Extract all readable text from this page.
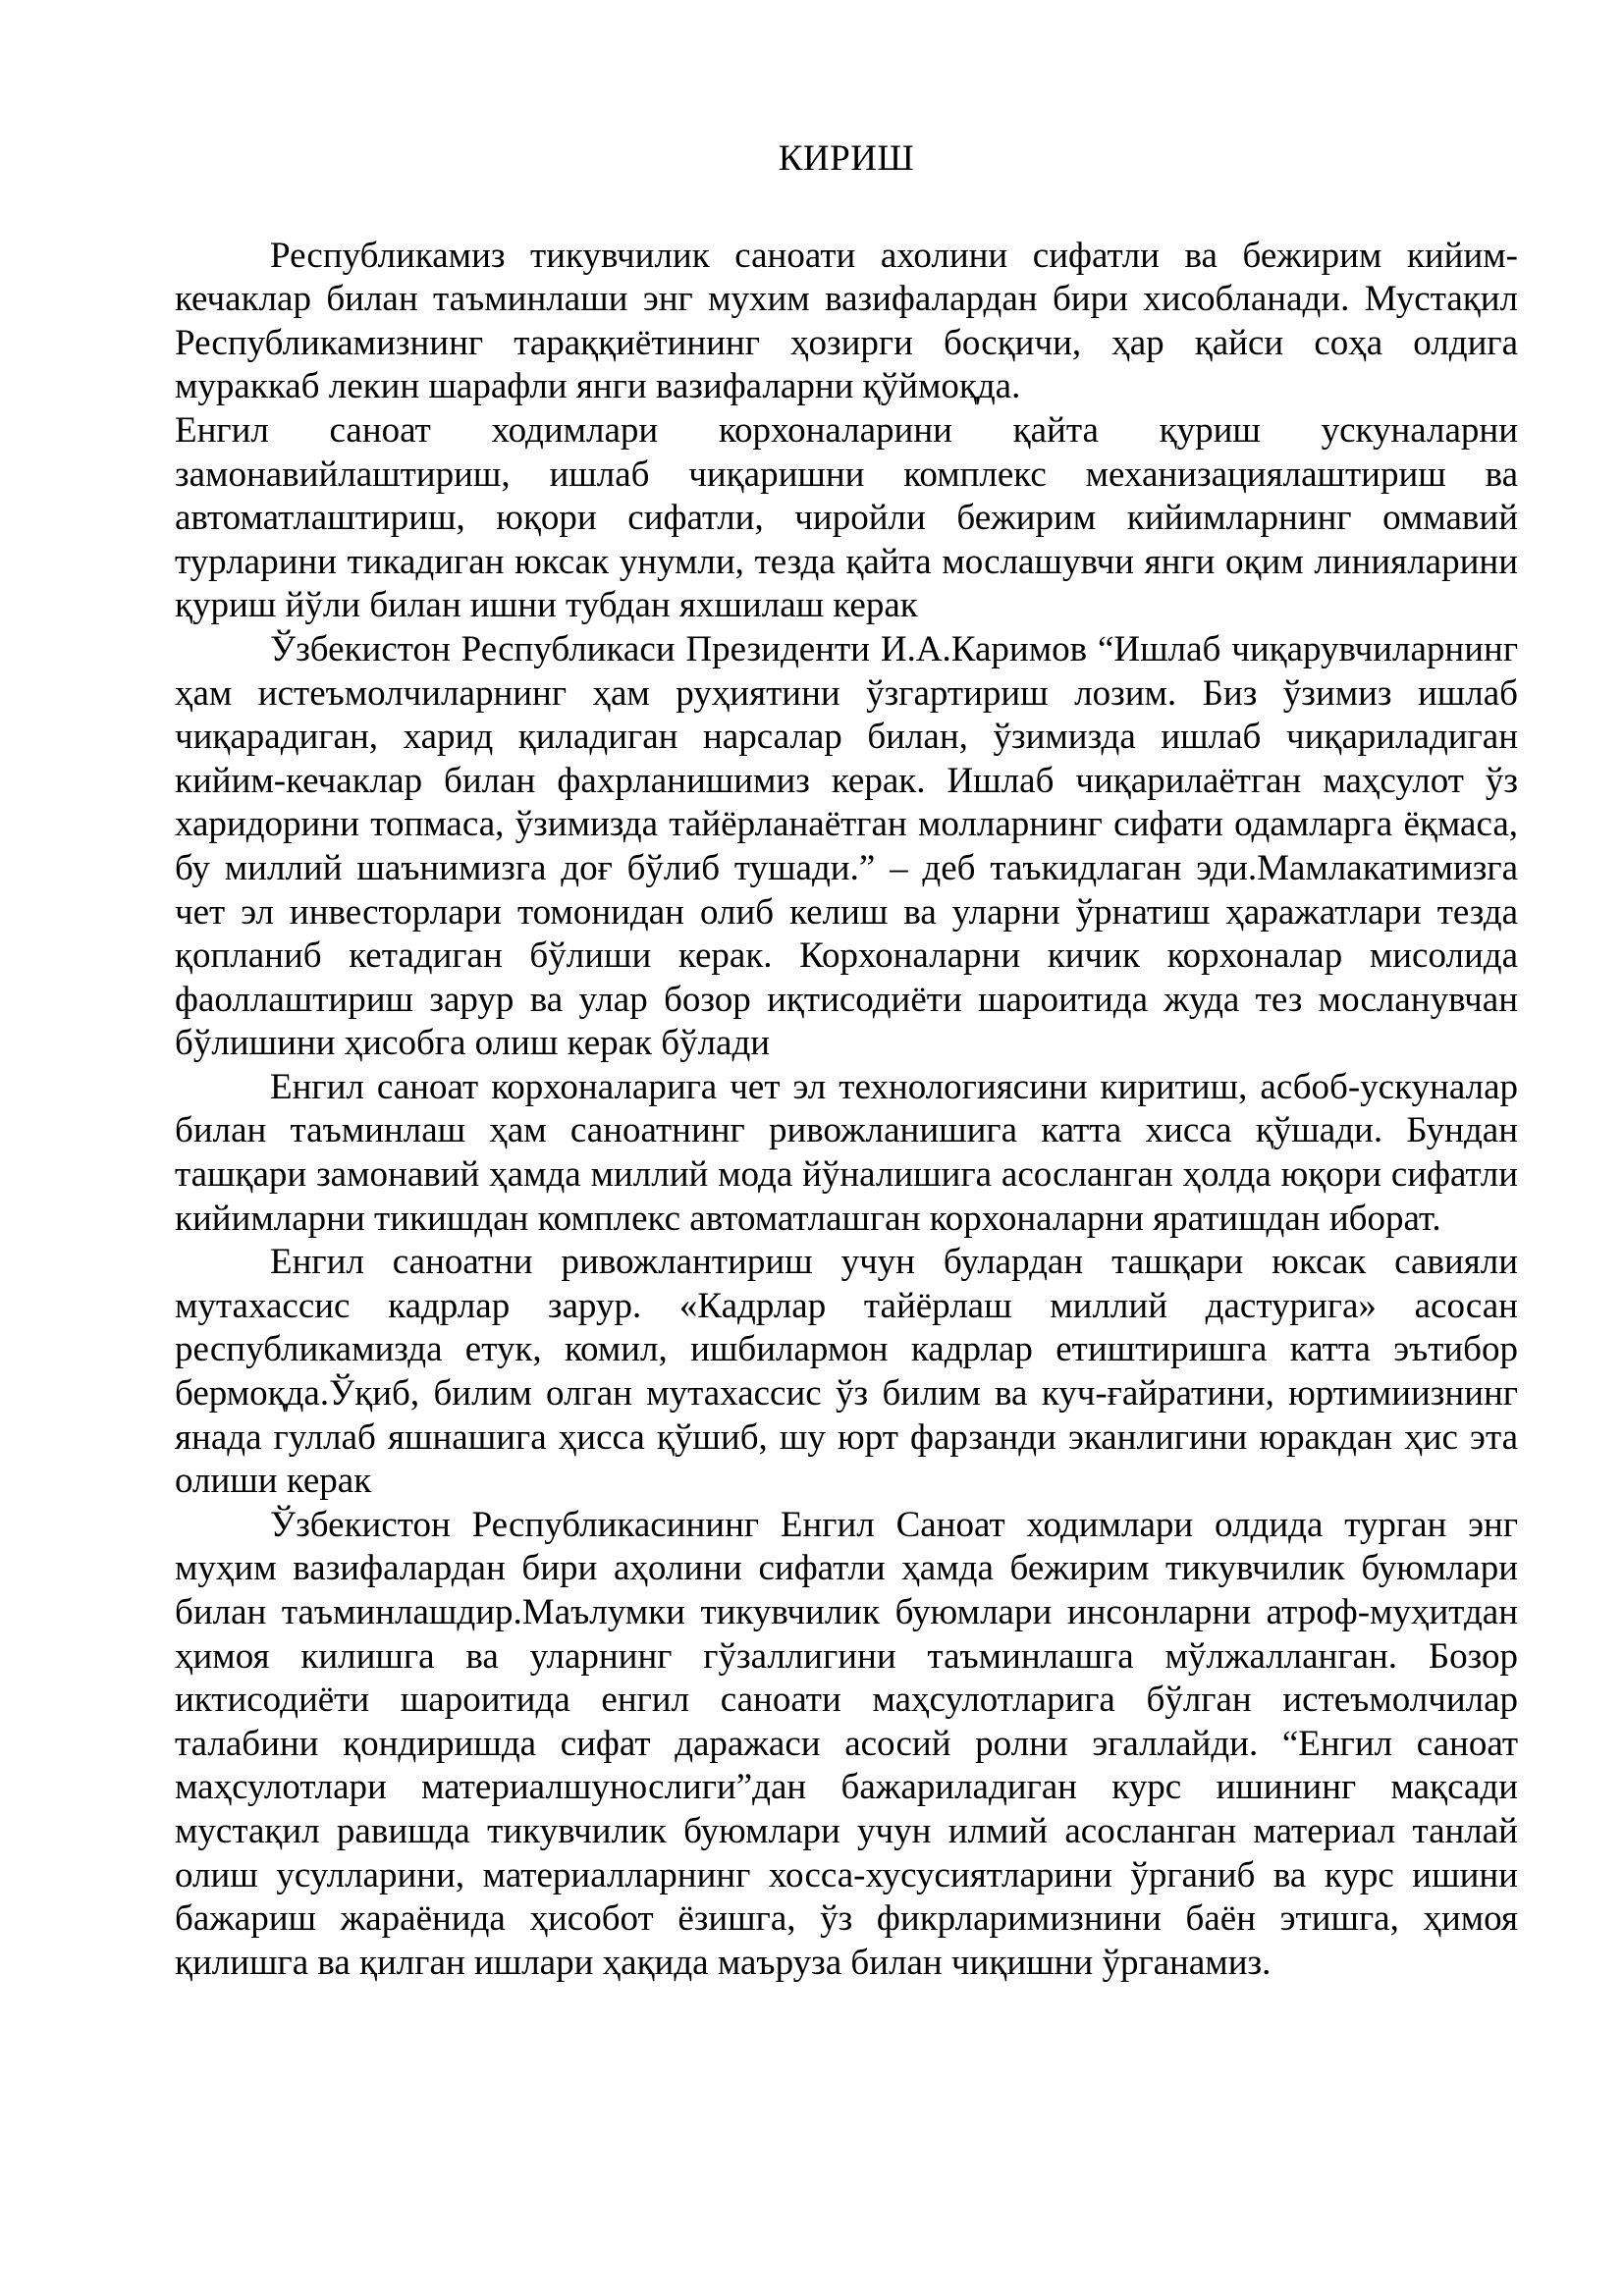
КИРИШ

Республикамиз тикувчилик саноати ахолини сифатли ва бежирим кийим-кечаклар билан таъминлаши энг мухим вазифалардан бири хисобланади. Мустақил Республикамизнинг тараққиётининг ҳозирги босқичи, ҳар қайси соҳа олдига мураккаб лекин шарафли янги вазифаларни қўймоқда.

Енгил саноат ходимлари корхоналарини қайта қуриш ускуналарни замонавийлаштириш, ишлаб чиқаришни комплекс механизациялаштириш ва автоматлаштириш, юқори сифатли, чиройли бежирим кийимларнинг оммавий турларини тикадиган юксак унумли, тезда қайта мослашувчи янги оқим линияларини қуриш йўли билан ишни тубдан яхшилаш керак

Ўзбекистон Республикаси Президенти И.А.Каримов “Ишлаб чиқарувчиларнинг ҳам истеъмолчиларнинг ҳам руҳиятини ўзгартириш лозим. Биз ўзимиз ишлаб чиқарадиган, харид қиладиган нарсалар билан, ўзимизда ишлаб чиқариладиган кийим-кечаклар билан фахрланишимиз керак. Ишлаб чиқарилаётган маҳсулот ўз харидорини топмаса, ўзимизда тайёрланаётган молларнинг сифати одамларга ёқмаса, бу миллий шаънимизга доғ бўлиб тушади.” – деб таъкидлаган эди.Мамлакатимизга чет эл инвесторлари томонидан олиб келиш ва уларни ўрнатиш ҳаражатлари тезда қопланиб кетадиган бўлиши керак. Корхоналарни кичик корхоналар мисолида фаоллаштириш зарур ва улар бозор иқтисодиёти шароитида жуда тез мосланувчан бўлишини ҳисобга олиш керак бўлади

Енгил саноат корхоналарига чет эл технологиясини киритиш, асбоб-ускуналар билан таъминлаш ҳам саноатнинг ривожланишига катта хисса қўшади. Бундан ташқари замонавий ҳамда миллий мода йўналишига асосланган ҳолда юқори сифатли кийимларни тикишдан комплекс автоматлашган корхоналарни яратишдан иборат.

Енгил саноатни ривожлантириш учун булардан ташқари юксак савияли мутахассис кадрлар зарур. «Кадрлар тайёрлаш миллий дастурига» асосан республикамизда етук, комил, ишбилармон кадрлар етиштиришга катта эътибор бермоқда.Ўқиб, билим олган мутахассис ўз билим ва куч-ғайратини, юртимиизнинг янада гуллаб яшнашига ҳисса қўшиб, шу юрт фарзанди эканлигини юракдан ҳис эта олиши керак

Ўзбекистон Республикасининг Енгил Саноат ходимлари олдида турган энг муҳим вазифалардан бири аҳолини сифатли ҳамда бежирим тикувчилик буюмлари билан таъминлашдир.Маълумки тикувчилик буюмлари инсонларни атроф-муҳитдан ҳимоя килишга ва уларнинг гўзаллигини таъминлашга мўлжалланган. Бозор иктисодиёти шароитида енгил саноати маҳсулотларига бўлган истеъмолчилар талабини қондиришда сифат даражаси асосий ролни эгаллайди. “Енгил саноат маҳсулотлари материалшунослиги”дан бажариладиган курс ишининг мақсади мустақил равишда тикувчилик буюмлари учун илмий асосланган материал танлай олиш усулларини, материалларнинг хосса-хусусиятларини ўрганиб ва курс ишини бажариш жараёнида ҳисобот ёзишга, ўз фикрларимизнини баён этишга, ҳимоя қилишга ва қилган ишлари ҳақида маъруза билан чиқишни ўрганамиз.
